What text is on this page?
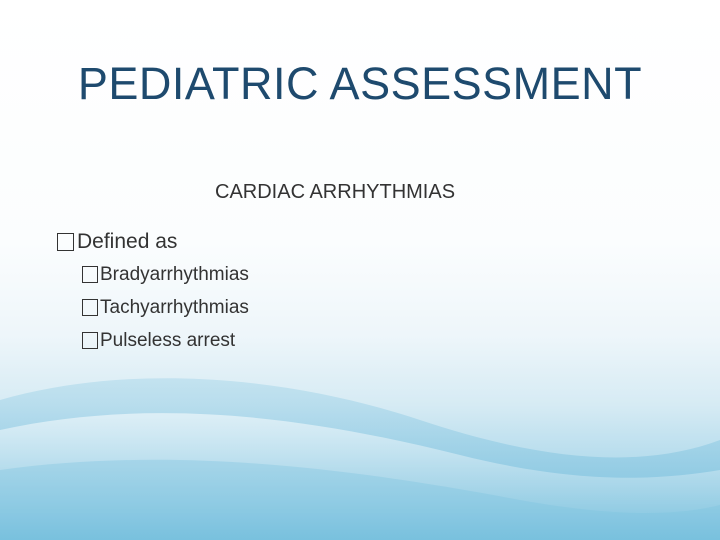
PEDIATRIC ASSESSMENT
CARDIAC ARRHYTHMIAS
Defined as
Bradyarrhythmias
Tachyarrhythmias
Pulseless arrest
